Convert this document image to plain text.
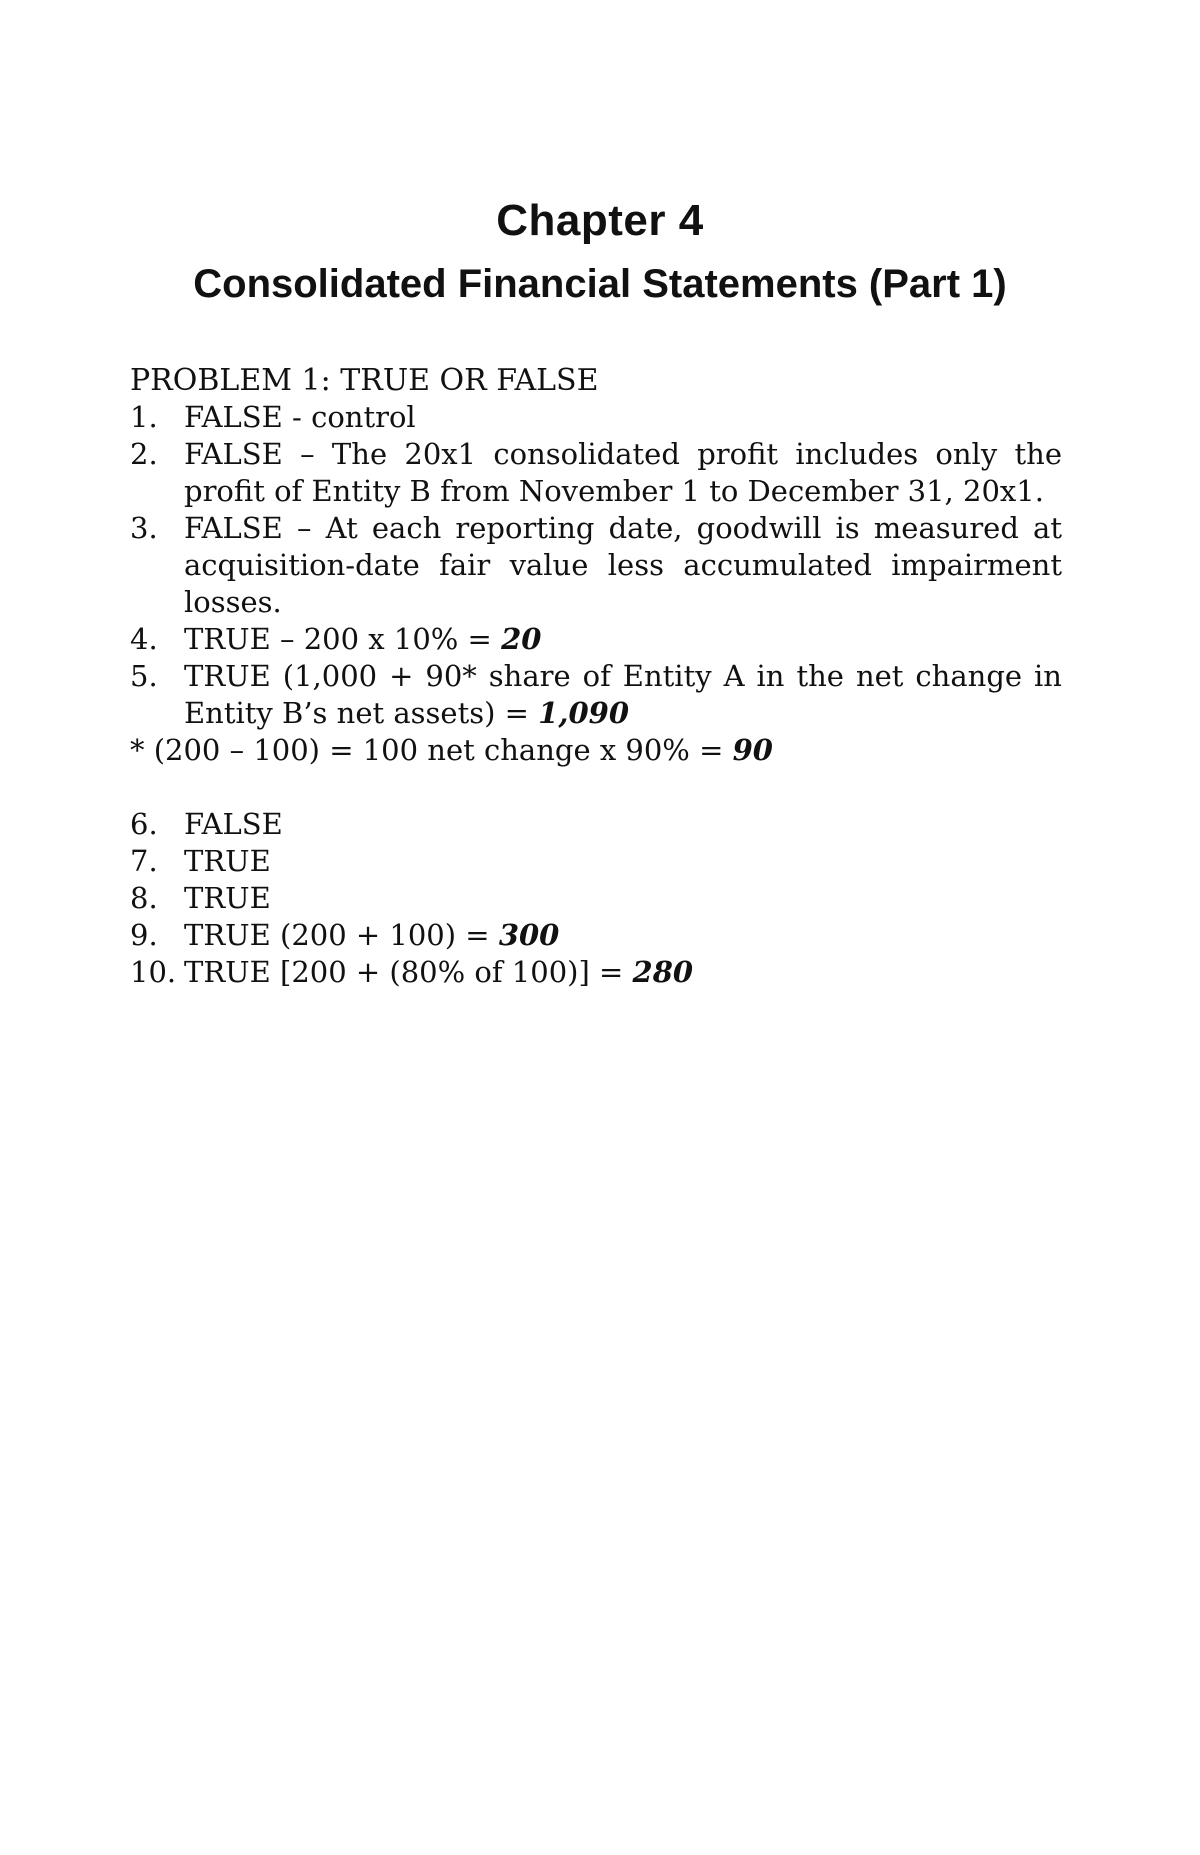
Chapter 4
Consolidated Financial Statements (Part 1)

PROBLEM 1: TRUE OR FALSE

1. FALSE - control
2. FALSE – The 20x1 consolidated profit includes only the profit of Entity B from November 1 to December 31, 20x1.
3. FALSE – At each reporting date, goodwill is measured at acquisition-date fair value less accumulated impairment losses.
4. TRUE – 200 x 10% = 20
5. TRUE (1,000 + 90* share of Entity A in the net change in Entity B’s net assets) = 1,090

* (200 – 100) = 100 net change x 90% = 90

6. FALSE
7. TRUE
8. TRUE
9. TRUE (200 + 100) = 300
10. TRUE [200 + (80% of 100)] = 280
